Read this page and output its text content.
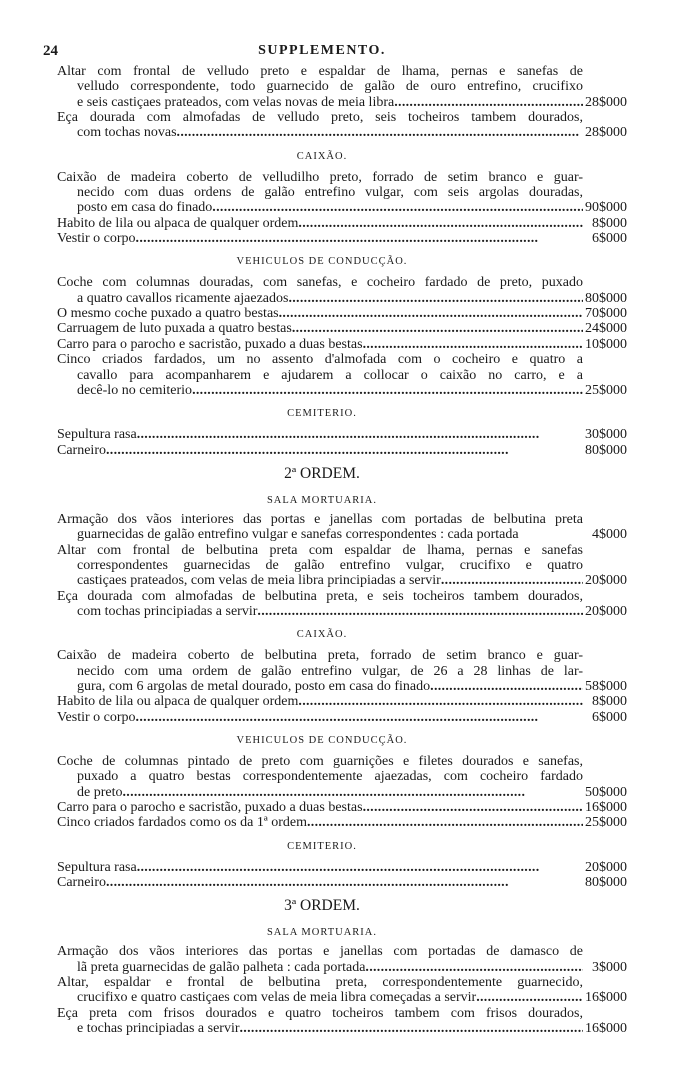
24	SUPPLEMENTO.
Altar com frontal de velludo preto e espaldar de lhama, pernas e sanefas de
velludo correspondente, todo guarnecido de galão de ouro entrefino, crucifixo
e seis castiçaes prateados, com velas novas de meia libra . . .	28$000
Eça dourada com almofadas de velludo preto, seis tocheiros tambem dourados,
com tochas novas . . .	28$000
CAIXÃO.
Caixão de madeira coberto de velludilho preto, forrado de setim branco e guar-
necido com duas ordens de galão entrefino vulgar, com seis argolas douradas,
posto em casa do finado . . .	90$000
Habito de lila ou alpaca de qualquer ordem . . .	8$000
Vestir o corpo . . .	6$000
VEHICULOS DE CONDUCÇÃO.
Coche com columnas douradas, com sanefas, e cocheiro fardado de preto, puxado
a quatro cavallos ricamente ajaezados . . .	80$000
O mesmo coche puxado a quatro bestas . . .	70$000
Carruagem de luto puxada a quatro bestas . . .	24$000
Carro para o parocho e sacristão, puxado a duas bestas . . .	10$000
Cinco criados fardados, um no assento d'almofada com o cocheiro e quatro a
cavallo para acompanharem e ajudarem a collocar o caixão no carro, e a
decê-lo no cemiterio . . .	25$000
CEMITERIO.
Sepultura rasa . . .	30$000
Carneiro . . .	80$000
2ª ORDEM.
SALA MORTUARIA.
Armação dos vãos interiores das portas e janellas com portadas de belbutina preta
guarnecidas de galão entrefino vulgar e sanefas correspondentes : cada portada	4$000
Altar com frontal de belbutina preta com espaldar de lhama, pernas e sanefas
correspondentes guarnecidas de galão entrefino vulgar, crucifixo e quatro
castiçaes prateados, com velas de meia libra principiadas a servir . . .	20$000
Eça dourada com almofadas de belbutina preta, e seis tocheiros tambem dourados,
com tochas principiadas a servir . . .	20$000
CAIXÃO.
Caixão de madeira coberto de belbutina preta, forrado de setim branco e guar-
necido com uma ordem de galão entrefino vulgar, de 26 a 28 linhas de lar-
gura, com 6 argolas de metal dourado, posto em casa do finado . . .	58$000
Habito de lila ou alpaca de qualquer ordem . . .	8$000
Vestir o corpo . . .	6$000
VEHICULOS DE CONDUCÇÃO.
Coche de columnas pintado de preto com guarnições e filetes dourados e sanefas,
puxado a quatro bestas correspondentemente ajaezadas, com cocheiro fardado
de preto . . .	50$000
Carro para o parocho e sacristão, puxado a duas bestas . . .	16$000
Cinco criados fardados como os da 1ª ordem . . .	25$000
CEMITERIO.
Sepultura rasa . . .	20$000
Carneiro . . .	80$000
3ª ORDEM.
SALA MORTUARIA.
Armação dos vãos interiores das portas e janellas com portadas de damasco de
lã preta guarnecidas de galão palheta : cada portada . . .	3$000
Altar, espaldar e frontal de belbutina preta, correspondentemente guarnecido,
crucifixo e quatro castiçaes com velas de meia libra começadas a servir . . .	16$000
Eça preta com frisos dourados e quatro tocheiros tambem com frisos dourados,
e tochas principiadas a servir . . .	16$000
